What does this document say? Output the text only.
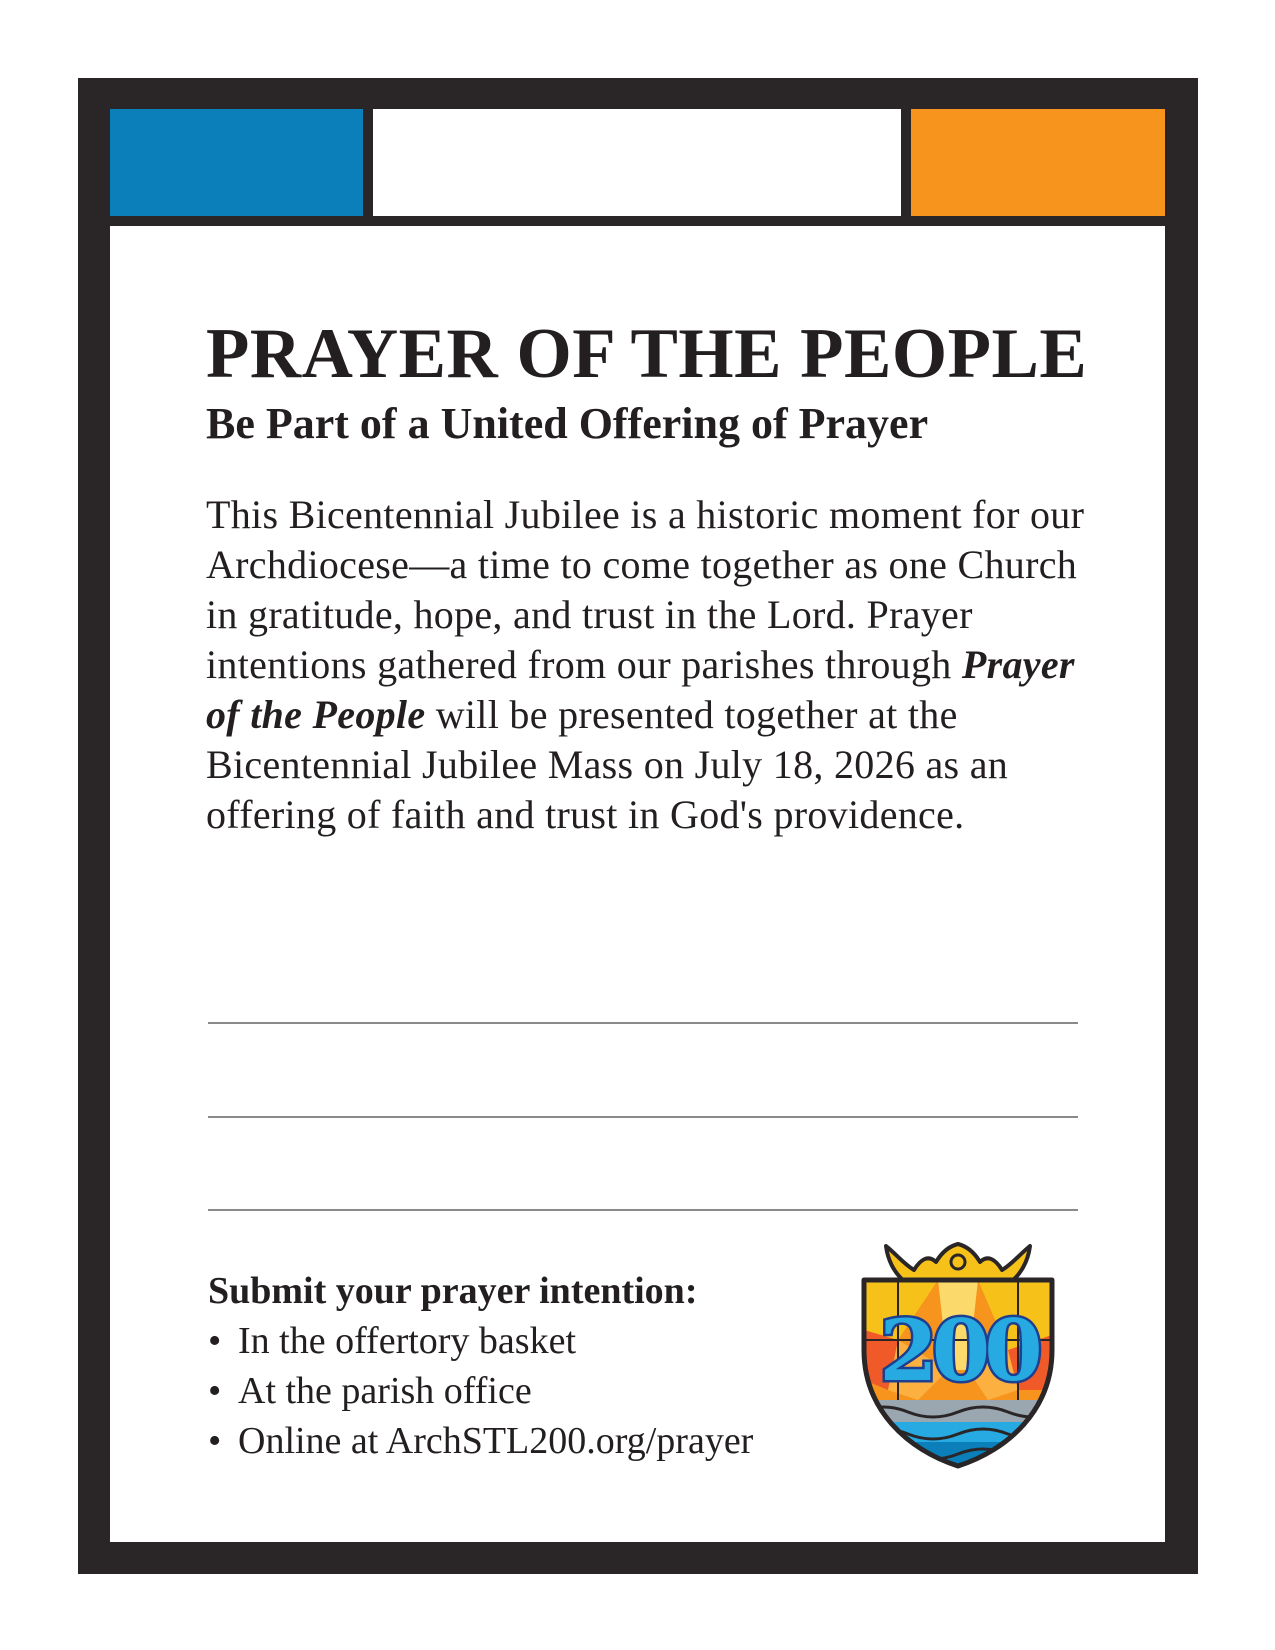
PRAYER OF THE PEOPLE
Be Part of a United Offering of Prayer

This Bicentennial Jubilee is a historic moment for our Archdiocese—a time to come together as one Church in gratitude, hope, and trust in the Lord. Prayer intentions gathered from our parishes through Prayer of the People will be presented together at the Bicentennial Jubilee Mass on July 18, 2026 as an offering of faith and trust in God's providence.

Submit your prayer intention:
• In the offertory basket
• At the parish office
• Online at ArchSTL200.org/prayer
200
